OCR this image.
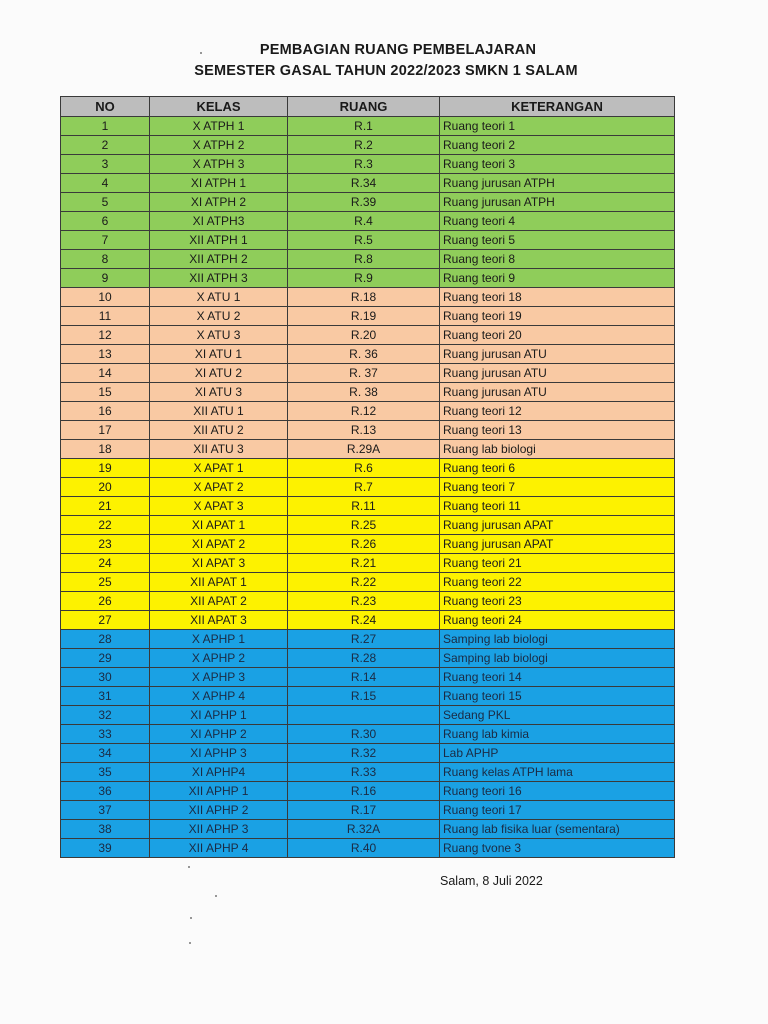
PEMBAGIAN RUANG PEMBELAJARAN
SEMESTER GASAL TAHUN 2022/2023 SMKN 1 SALAM
NO	KELAS	RUANG	KETERANGAN
1	X ATPH 1	R.1	Ruang teori 1
2	X ATPH 2	R.2	Ruang teori 2
3	X ATPH 3	R.3	Ruang teori 3
4	XI ATPH 1	R.34	Ruang jurusan ATPH
5	XI ATPH 2	R.39	Ruang jurusan ATPH
6	XI ATPH3	R.4	Ruang teori 4
7	XII ATPH 1	R.5	Ruang teori 5
8	XII ATPH 2	R.8	Ruang teori 8
9	XII ATPH 3	R.9	Ruang teori 9
10	X ATU 1	R.18	Ruang teori 18
11	X ATU 2	R.19	Ruang teori 19
12	X ATU 3	R.20	Ruang teori 20
13	XI ATU 1	R. 36	Ruang jurusan ATU
14	XI ATU 2	R. 37	Ruang jurusan ATU
15	XI ATU 3	R. 38	Ruang jurusan ATU
16	XII ATU 1	R.12	Ruang teori 12
17	XII ATU 2	R.13	Ruang teori 13
18	XII ATU 3	R.29A	Ruang lab biologi
19	X APAT 1	R.6	Ruang teori 6
20	X APAT 2	R.7	Ruang teori 7
21	X APAT 3	R.11	Ruang teori 11
22	XI APAT 1	R.25	Ruang jurusan APAT
23	XI APAT 2	R.26	Ruang jurusan APAT
24	XI APAT 3	R.21	Ruang teori 21
25	XII APAT 1	R.22	Ruang teori 22
26	XII APAT 2	R.23	Ruang teori 23
27	XII APAT 3	R.24	Ruang teori 24
28	X APHP 1	R.27	Samping lab biologi
29	X APHP 2	R.28	Samping lab biologi
30	X APHP 3	R.14	Ruang teori 14
31	X APHP 4	R.15	Ruang teori 15
32	XI APHP 1		Sedang PKL
33	XI APHP 2	R.30	Ruang lab kimia
34	XI APHP 3	R.32	Lab APHP
35	XI APHP4	R.33	Ruang kelas ATPH lama
36	XII APHP 1	R.16	Ruang teori 16
37	XII APHP 2	R.17	Ruang teori 17
38	XII APHP 3	R.32A	Ruang lab fisika luar (sementara)
39	XII APHP 4	R.40	Ruang tvone 3
Salam, 8 Juli 2022
